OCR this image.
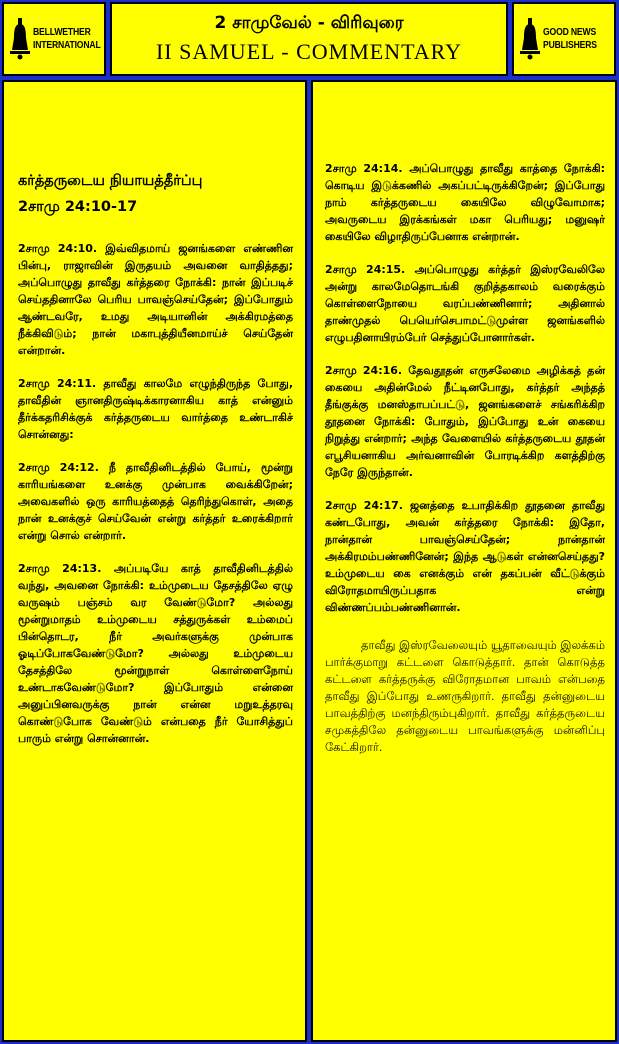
BELLWETHER
INTERNATIONAL
2 சாமுவேல் - விரிவுரை
II SAMUEL - COMMENTARY
GOOD NEWS
PUBLISHERS
கர்த்தருடைய நியாயத்தீர்ப்பு
2சாமு 24:10-17

2சாமு 24:10. இவ்விதமாய் ஜனங்களை எண்ணின பின்பு, ராஜாவின் இருதயம் அவனை வாதித்தது; அப்பொழுது தாவீது கர்த்தரை நோக்கி: நான் இப்படிச் செய்ததினாலே பெரிய பாவஞ்செய்தேன்; இப்போதும் ஆண்டவரே, உமது அடியானின் அக்கிரமத்தை நீக்கிவிடும்; நான் மகாபுத்தியீனமாய்ச் செய்தேன் என்றான்.

2சாமு 24:11. தாவீது காலமே எழுந்திருந்த போது, தாவீதின் ஞானதிருஷ்டிக்காரனாகிய காத் என்னும் தீர்க்கதரிசிக்குக் கர்த்தருடைய வார்த்தை உண்டாகிச் சொன்னது:

2சாமு 24:12. நீ தாவீதினிடத்தில் போய், மூன்று காரியங்களை உனக்கு முன்பாக வைக்கிறேன்; அவைகளில் ஒரு காரியத்தைத் தெரிந்துகொள், அதை நான் உனக்குச் செய்வேன் என்று கர்த்தர் உரைக்கிறார் என்று சொல் என்றார்.

2சாமு 24:13. அப்படியே காத் தாவீதினிடத்தில் வந்து, அவனை நோக்கி: உம்முடைய தேசத்திலே ஏழு வருஷம் பஞ்சம் வர வேண்டுமோ? அல்லது மூன்றுமாதம் உம்முடைய சத்துருக்கள் உம்மைப் பின்தொடர, நீர் அவர்களுக்கு முன்பாக ஓடிப்போகவேண்டுமோ? அல்லது உம்முடைய தேசத்திலே மூன்றுநாள் கொள்ளைநோய் உண்டாகவேண்டுமோ? இப்போதும் என்னை அனுப்பினவருக்கு நான் என்ன மறுஉத்தரவு கொண்டுபோக வேண்டும் என்பதை நீர் யோசித்துப் பாரும் என்று சொன்னான்.

2சாமு 24:14. அப்பொழுது தாவீது காத்தை நோக்கி: கொடிய இடுக்கணில் அகப்பட்டிருக்கிறேன்; இப்போது நாம் கர்த்தருடைய கையிலே விழுவோமாக; அவருடைய இரக்கங்கள் மகா பெரியது; மனுஷர் கையிலே விழாதிருப்பேனாக என்றான்.

2சாமு 24:15. அப்பொழுது கர்த்தர் இஸ்ரவேலிலே அன்று காலமேதொடங்கி குறித்தகாலம் வரைக்கும் கொள்ளைநோயை வரப்பண்ணினார்; அதினால் தாண்முதல் பெயெர்செபாமட்டுமுள்ள ஜனங்களில் எழுபதினாயிரம்பேர் செத்துப்போனார்கள்.

2சாமு 24:16. தேவதூதன் எருசலேமை அழிக்கத் தன் கையை அதின்மேல் நீட்டினபோது, கர்த்தர் அந்தத் தீங்குக்கு மனஸ்தாபப்பட்டு, ஜனங்களைச் சங்கரிக்கிற தூதனை நோக்கி: போதும், இப்போது உன் கையை நிறுத்து என்றார்; அந்த வேளையில் கர்த்தருடைய தூதன் எபூசியனாகிய அர்வனாவின் போரடிக்கிற களத்திற்கு நேரே இருந்தான்.

2சாமு 24:17. ஜனத்தை உபாதிக்கிற தூதனை தாவீது கண்டபோது, அவன் கர்த்தரை நோக்கி: இதோ, நான்தான் பாவஞ்செய்தேன்; நான்தான் அக்கிரமம்பண்ணினேன்; இந்த ஆடுகள் என்னசெய்தது? உம்முடைய கை எனக்கும் என் தகப்பன் வீட்டுக்கும் விரோதமாயிருப்பதாக என்று விண்ணப்பம்பண்ணினான்.

தாவீது இஸ்ரவேலையும் யூதாவையும் இலக்கம் பார்க்குமாறு கட்டளை கொடுத்தார். தான் கொடுத்த கட்டளை கர்த்தருக்கு விரோதமான பாவம் என்பதை தாவீது இப்போது உணருகிறார். தாவீது தன்னுடைய பாவத்திற்கு மனந்திரும்புகிறார். தாவீது கர்த்தருடைய சமுகத்திலே தன்னுடைய பாவங்களுக்கு மன்னிப்பு கேட்கிறார்.
